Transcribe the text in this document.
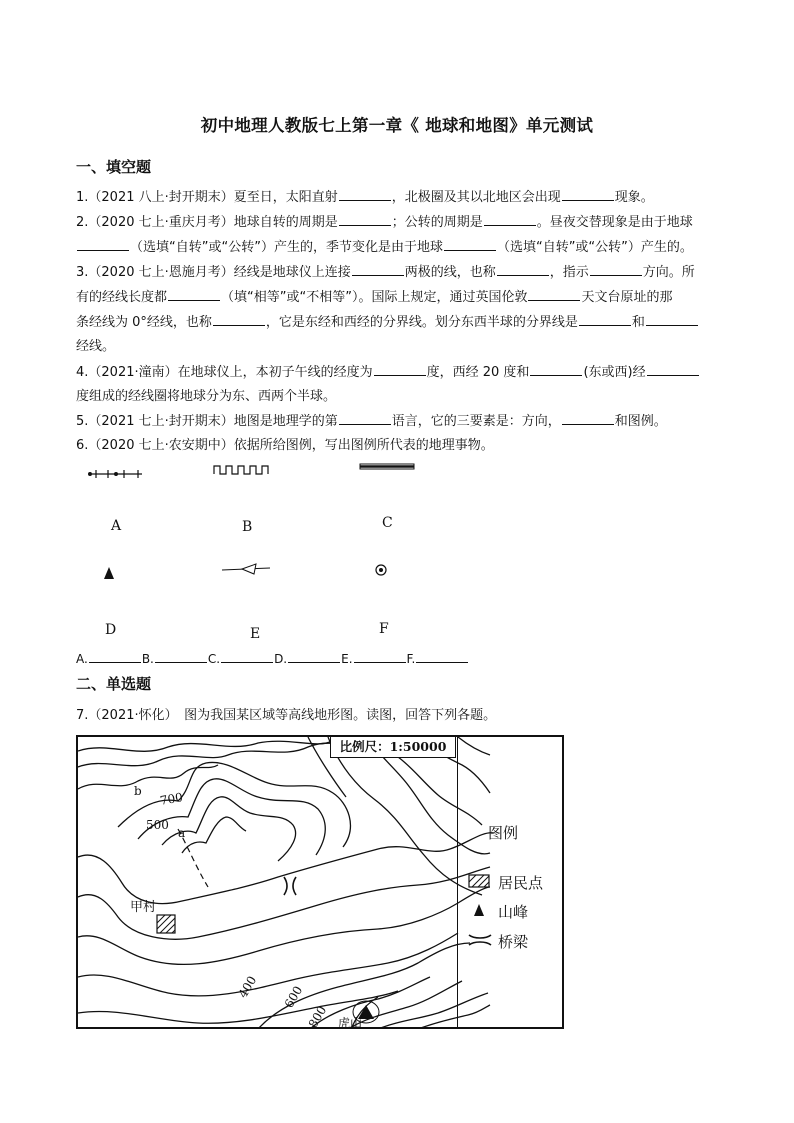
初中地理人教版七上第一章《 地球和地图》单元测试
一、填空题
1.（2021 八上·封开期末）夏至日，太阳直射	，北极圈及其以北地区会出现	现象。
2.（2020 七上·重庆月考）地球自转的周期是	；公转的周期是	。昼夜交替现象是由于地球
（选填“自转”或“公转”）产生的，季节变化是由于地球	（选填“自转”或“公转”）产生的。
3.（2020 七上·恩施月考）经线是地球仪上连接	两极的线，也称	，指示	方向。所
有的经线长度都	（填“相等”或“不相等”）。国际上规定，通过英国伦敦	天文台原址的那
条经线为 0°经线，也称	，它是东经和西经的分界线。划分东西半球的分界线是	和
经线。
4.（2021·潼南）在地球仪上，本初子午线的经度为	度，西经 20 度和	(东或西)经
度组成的经线圈将地球分为东、西两个半球。
5.（2021 七上·封开期末）地图是地理学的第	语言，它的三要素是：方向，	和图例。
6.（2020 七上·农安期中）依据所给图例，写出图例所代表的地理事物。
A	B	C
D	E	F
A.	B.	C.	D.	E.	F.
二、单选题
7.（2021·怀化）　图为我国某区域等高线地形图。读图，回答下列各题。
b
a
700
500
400 600
800
甲村
虎山
比例尺：1:50000
图例
居民点
山峰
桥梁
